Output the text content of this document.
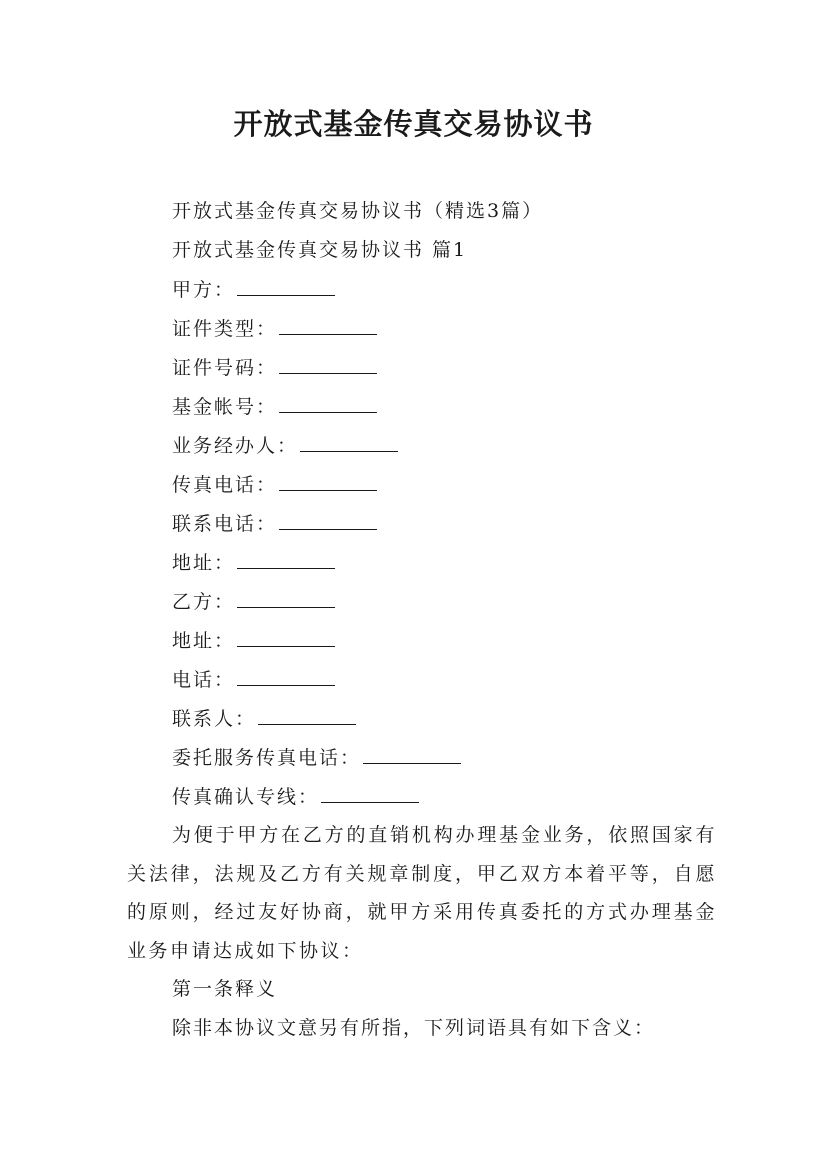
开放式基金传真交易协议书
开放式基金传真交易协议书（精选3篇）
开放式基金传真交易协议书 篇1
甲方：
证件类型：
证件号码：
基金帐号：
业务经办人：
传真电话：
联系电话：
地址：
乙方：
地址：
电话：
联系人：
委托服务传真电话：
传真确认专线：
为便于甲方在乙方的直销机构办理基金业务，依照国家有关法律，法规及乙方有关规章制度，甲乙双方本着平等，自愿的原则，经过友好协商，就甲方采用传真委托的方式办理基金业务申请达成如下协议：
第一条释义
除非本协议文意另有所指，下列词语具有如下含义：
